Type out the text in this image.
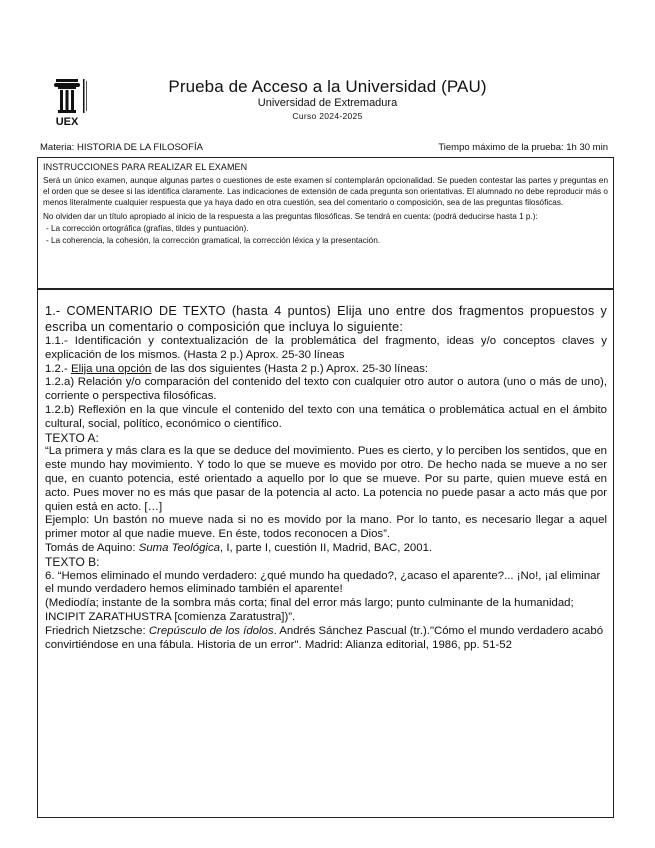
UEX
Prueba de Acceso a la Universidad (PAU)
Universidad de Extremadura
Curso 2024-2025
Materia: HISTORIA DE LA FILOSOFÍA	Tiempo máximo de la prueba: 1h 30 min
INSTRUCCIONES PARA REALIZAR EL EXAMEN

Será un único examen, aunque algunas partes o cuestiones de este examen sí contemplarán opcionalidad. Se pueden contestar las partes y preguntas en el orden que se desee si las identifica claramente. Las indicaciones de extensión de cada pregunta son orientativas. El alumnado no debe reproducir más o menos literalmente cualquier respuesta que ya haya dado en otra cuestión, sea del comentario o composición, sea de las preguntas filosóficas.

No olviden dar un título apropiado al inicio de la respuesta a las preguntas filosóficas. Se tendrá en cuenta: (podrá deducirse hasta 1 p.):

- La corrección ortográfica (grafías, tildes y puntuación).

- La coherencia, la cohesión, la corrección gramatical, la corrección léxica y la presentación.

1.- COMENTARIO DE TEXTO (hasta 4 puntos) Elija uno entre dos fragmentos propuestos y escriba un comentario o composición que incluya lo siguiente:

1.1.- Identificación y contextualización de la problemática del fragmento, ideas y/o conceptos claves y explicación de los mismos. (Hasta 2 p.) Aprox. 25-30 líneas

1.2.- Elija una opción de las dos siguientes (Hasta 2 p.) Aprox. 25-30 líneas:

1.2.a) Relación y/o comparación del contenido del texto con cualquier otro autor o autora (uno o más de uno), corriente o perspectiva filosóficas.

1.2.b) Reflexión en la que vincule el contenido del texto con una temática o problemática actual en el ámbito cultural, social, político, económico o científico.

TEXTO A:

“La primera y más clara es la que se deduce del movimiento. Pues es cierto, y lo perciben los sentidos, que en este mundo hay movimiento. Y todo lo que se mueve es movido por otro. De hecho nada se mueve a no ser que, en cuanto potencia, esté orientado a aquello por lo que se mueve. Por su parte, quien mueve está en acto. Pues mover no es más que pasar de la potencia al acto. La potencia no puede pasar a acto más que por quien está en acto. […]

Ejemplo: Un bastón no mueve nada si no es movido por la mano. Por lo tanto, es necesario llegar a aquel primer motor al que nadie mueve. En éste, todos reconocen a Dios”.

Tomás de Aquino: Suma Teológica, I, parte I, cuestión II, Madrid, BAC, 2001.

TEXTO B:

6. “Hemos eliminado el mundo verdadero: ¿qué mundo ha quedado?, ¿acaso el aparente?... ¡No!, ¡al eliminar el mundo verdadero hemos eliminado también el aparente!

(Mediodía; instante de la sombra más corta; final del error más largo; punto culminante de la humanidad; INCIPIT ZARATHUSTRA [comienza Zaratustra])”.

Friedrich Nietzsche: Crepúsculo de los ídolos. Andrés Sánchez Pascual (tr.)."Cómo el mundo verdadero acabó convirtiéndose en una fábula. Historia de un error". Madrid: Alianza editorial, 1986, pp. 51-52
